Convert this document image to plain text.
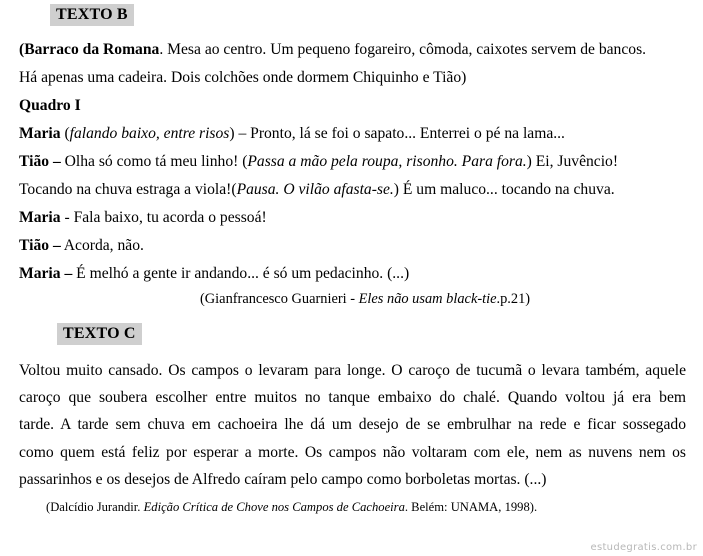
TEXTO B
(Barraco da Romana. Mesa ao centro. Um pequeno fogareiro, cômoda, caixotes servem de bancos.
Há apenas uma cadeira. Dois colchões onde dormem Chiquinho e Tião)
Quadro I
Maria (falando baixo, entre risos) – Pronto, lá se foi o sapato... Enterrei o pé na lama...
Tião – Olha só como tá meu linho! (Passa a mão pela roupa, risonho. Para fora.) Ei, Juvêncio!
Tocando na chuva estraga a viola!(Pausa. O vilão afasta-se.) É um maluco... tocando na chuva.
Maria - Fala baixo, tu acorda o pessoá!
Tião – Acorda, não.
Maria – É melhó a gente ir andando... é só um pedacinho. (...)
(Gianfrancesco Guarnieri - Eles não usam black-tie.p.21)
TEXTO C
Voltou muito cansado. Os campos o levaram para longe. O caroço de tucumã o levara também, aquele
caroço que soubera escolher entre muitos no tanque embaixo do chalé. Quando voltou já era bem
tarde. A tarde sem chuva em cachoeira lhe dá um desejo de se embrulhar na rede e ficar sossegado
como quem está feliz por esperar a morte. Os campos não voltaram com ele, nem as nuvens nem os
passarinhos e os desejos de Alfredo caíram pelo campo como borboletas mortas. (...)
(Dalcídio Jurandir. Edição Crítica de Chove nos Campos de Cachoeira. Belém: UNAMA, 1998).
estudegratis.com.br
